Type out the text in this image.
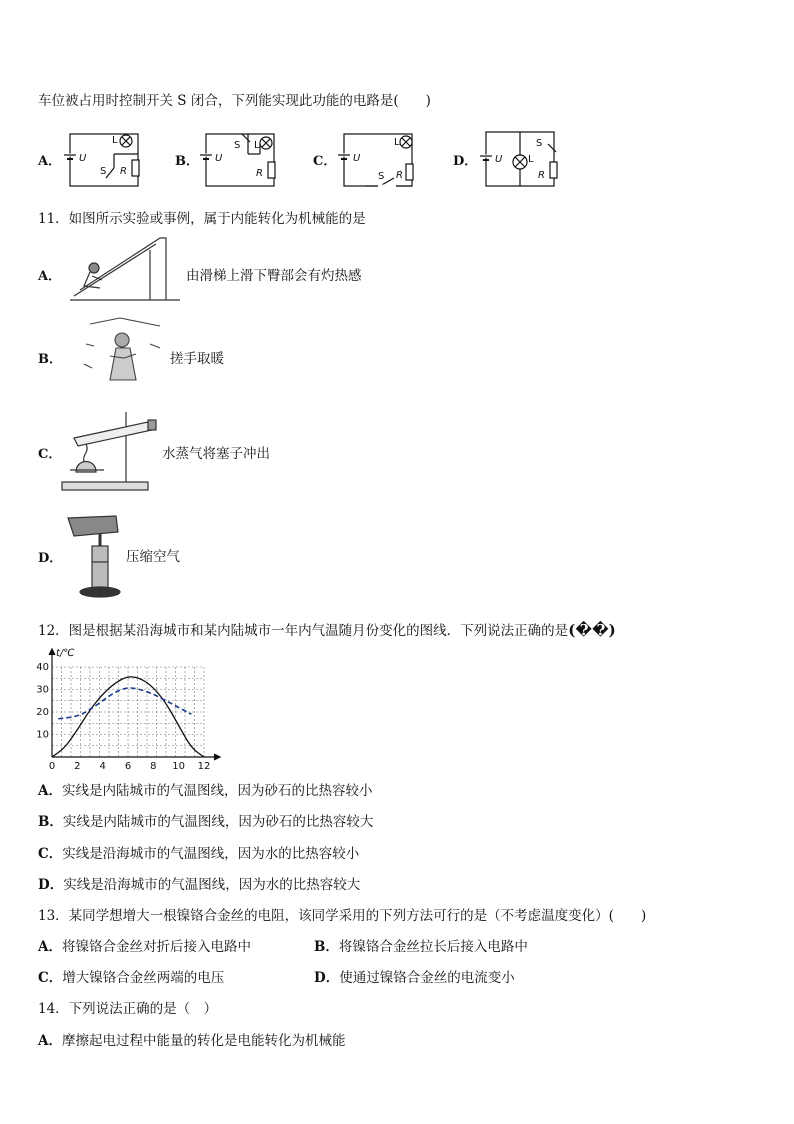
车位被占用时控制开关 S 闭合，下列能实现此功能的电路是(　　)
A．	B．	C．	D．
U
L
S R
U
L
S
R
U
L
S R
U	L
S
R
11．如图所示实验或事例，属于内能转化为机械能的是
A．	由滑梯上滑下臀部会有灼热感
B．	搓手取暖
C．	水蒸气将塞子冲出
D．	压缩空气
12．图是根据某沿海城市和某内陆城市一年内气温随月份变化的图线．下列说法正确的是(��)
t/℃
0 2 4 6 8 10 12
10
20
30
40
A．实线是内陆城市的气温图线，因为砂石的比热容较小
B．实线是内陆城市的气温图线，因为砂石的比热容较大
C．实线是沿海城市的气温图线，因为水的比热容较小
D．实线是沿海城市的气温图线，因为水的比热容较大
13．某同学想增大一根镍铬合金丝的电阻，该同学采用的下列方法可行的是（不考虑温度变化）(　　)
A．将镍铬合金丝对折后接入电路中	B．将镍铬合金丝拉长后接入电路中
C．增大镍铬合金丝两端的电压	D．使通过镍铬合金丝的电流变小
14．下列说法正确的是（　）
A．摩擦起电过程中能量的转化是电能转化为机械能
